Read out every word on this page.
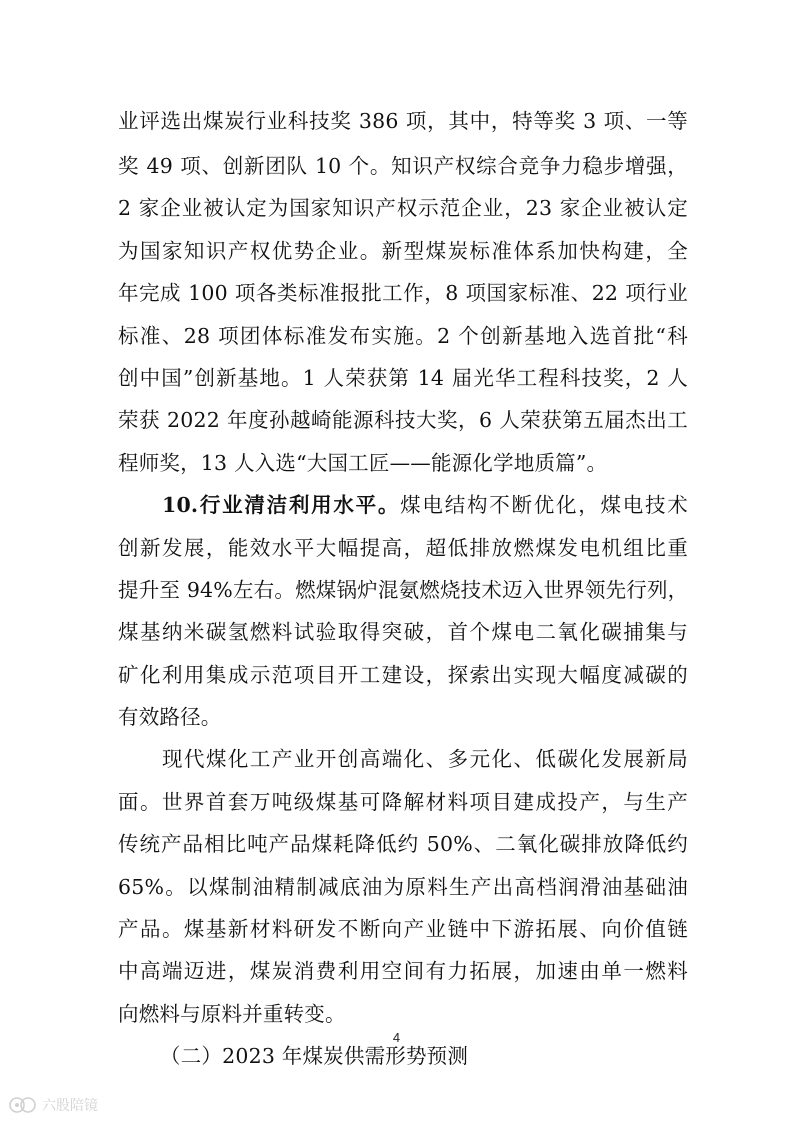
业评选出煤炭行业科技奖 386 项，其中，特等奖 3 项、一等
奖 49 项、创新团队 10 个。知识产权综合竞争力稳步增强，
2 家企业被认定为国家知识产权示范企业，23 家企业被认定
为国家知识产权优势企业。新型煤炭标准体系加快构建，全
年完成 100 项各类标准报批工作，8 项国家标准、22 项行业
标准、28 项团体标准发布实施。2 个创新基地入选首批“科
创中国”创新基地。1 人荣获第 14 届光华工程科技奖，2 人
荣获 2022 年度孙越崎能源科技大奖，6 人荣获第五届杰出工
程师奖，13 人入选“大国工匠——能源化学地质篇”。
10.行业清洁利用水平。煤电结构不断优化，煤电技术
创新发展，能效水平大幅提高，超低排放燃煤发电机组比重
提升至 94%左右。燃煤锅炉混氨燃烧技术迈入世界领先行列，
煤基纳米碳氢燃料试验取得突破，首个煤电二氧化碳捕集与
矿化利用集成示范项目开工建设，探索出实现大幅度减碳的
有效路径。
现代煤化工产业开创高端化、多元化、低碳化发展新局
面。世界首套万吨级煤基可降解材料项目建成投产，与生产
传统产品相比吨产品煤耗降低约 50%、二氧化碳排放降低约
65%。以煤制油精制减底油为原料生产出高档润滑油基础油
产品。煤基新材料研发不断向产业链中下游拓展、向价值链
中高端迈进，煤炭消费利用空间有力拓展，加速由单一燃料
向燃料与原料并重转变。
（二）2023 年煤炭供需形势预测
4
六股陪镜
